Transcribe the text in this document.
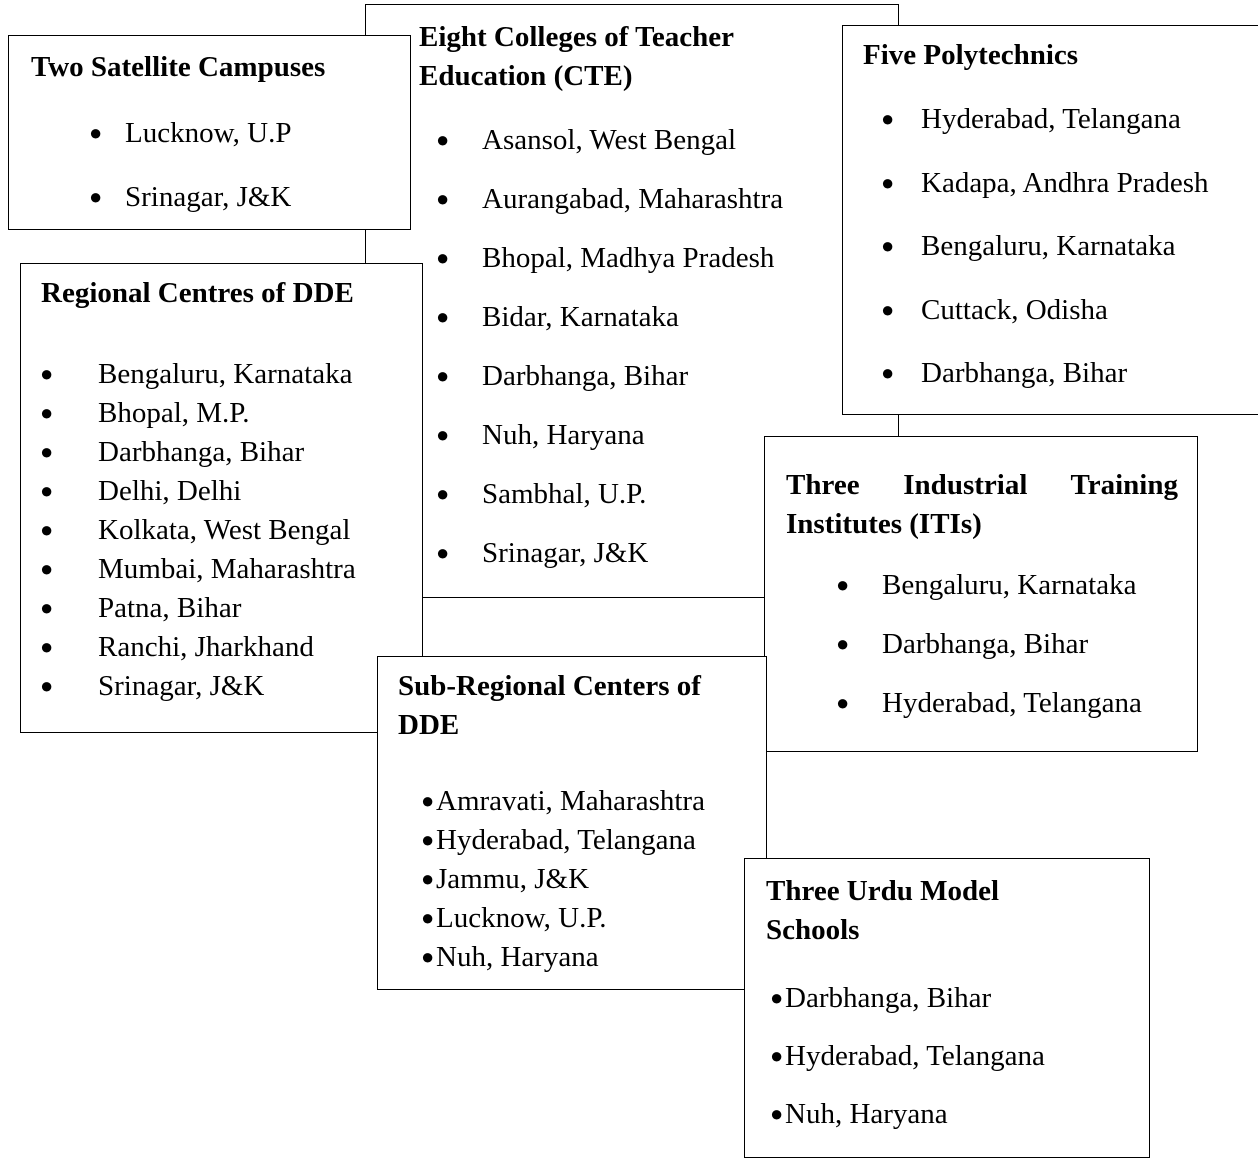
Eight Colleges of Teacher Education (CTE)
● Asansol, West Bengal
● Aurangabad, Maharashtra
● Bhopal, Madhya Pradesh
● Bidar, Karnataka
● Darbhanga, Bihar
● Nuh, Haryana
● Sambhal, U.P.
● Srinagar, J&K
Two Satellite Campuses
● Lucknow, U.P
● Srinagar, J&K
Five Polytechnics
● Hyderabad, Telangana
● Kadapa, Andhra Pradesh
● Bengaluru, Karnataka
● Cuttack, Odisha
● Darbhanga, Bihar
Regional Centres of DDE
● Bengaluru, Karnataka
● Bhopal, M.P.
● Darbhanga, Bihar
● Delhi, Delhi
● Kolkata, West Bengal
● Mumbai, Maharashtra
● Patna, Bihar
● Ranchi, Jharkhand
● Srinagar, J&K
Three Industrial Training Institutes (ITIs)
● Bengaluru, Karnataka
● Darbhanga, Bihar
● Hyderabad, Telangana
Sub-Regional Centers of DDE
● Amravati, Maharashtra
● Hyderabad, Telangana
● Jammu, J&K
● Lucknow, U.P.
● Nuh, Haryana
Three Urdu Model Schools
● Darbhanga, Bihar
● Hyderabad, Telangana
● Nuh, Haryana
